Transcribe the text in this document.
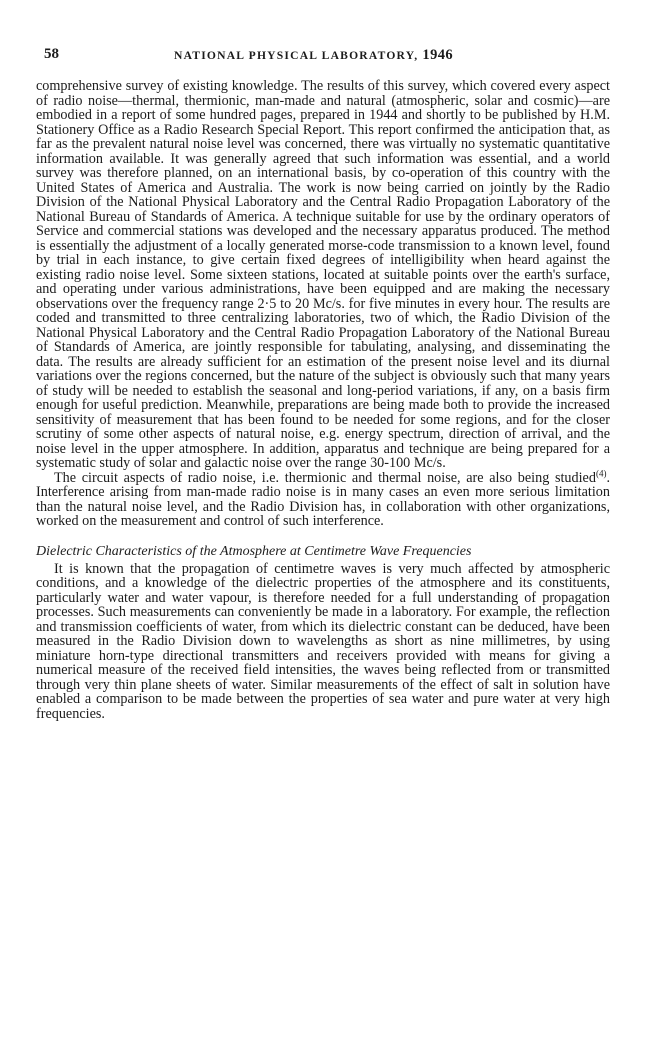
58	NATIONAL PHYSICAL LABORATORY, 1946

comprehensive survey of existing knowledge. The results of this survey, which covered every aspect of radio noise—thermal, thermionic, man-made and natural (atmospheric, solar and cosmic)—are embodied in a report of some hundred pages, prepared in 1944 and shortly to be published by H.M. Stationery Office as a Radio Research Special Report. This report confirmed the anticipation that, as far as the prevalent natural noise level was concerned, there was virtually no systematic quantitative information available. It was generally agreed that such information was essential, and a world survey was therefore planned, on an international basis, by co-operation of this country with the United States of America and Australia. The work is now being carried on jointly by the Radio Division of the National Physical Laboratory and the Central Radio Propagation Laboratory of the National Bureau of Standards of America. A technique suitable for use by the ordinary operators of Service and commercial stations was developed and the necessary apparatus produced. The method is essentially the adjustment of a locally generated morse-code transmission to a known level, found by trial in each instance, to give certain fixed degrees of intelligibility when heard against the existing radio noise level. Some sixteen stations, located at suitable points over the earth's surface, and operating under various administrations, have been equipped and are making the necessary observations over the frequency range 2·5 to 20 Mc/s. for five minutes in every hour. The results are coded and transmitted to three centralizing laboratories, two of which, the Radio Division of the National Physical Laboratory and the Central Radio Propagation Laboratory of the National Bureau of Standards of America, are jointly responsible for tabulating, analysing, and disseminating the data. The results are already sufficient for an estimation of the present noise level and its diurnal variations over the regions concerned, but the nature of the subject is obviously such that many years of study will be needed to establish the seasonal and long-period variations, if any, on a basis firm enough for useful prediction. Meanwhile, preparations are being made both to provide the increased sensitivity of measurement that has been found to be needed for some regions, and for the closer scrutiny of some other aspects of natural noise, e.g. energy spectrum, direction of arrival, and the noise level in the upper atmosphere. In addition, apparatus and technique are being prepared for a systematic study of solar and galactic noise over the range 30-100 Mc/s.

The circuit aspects of radio noise, i.e. thermionic and thermal noise, are also being studied$^{(4)}$. Interference arising from man-made radio noise is in many cases an even more serious limitation than the natural noise level, and the Radio Division has, in collaboration with other organizations, worked on the measurement and control of such interference.

Dielectric Characteristics of the Atmosphere at Centimetre Wave Frequencies

It is known that the propagation of centimetre waves is very much affected by atmospheric conditions, and a knowledge of the dielectric properties of the atmosphere and its constituents, particularly water and water vapour, is therefore needed for a full understanding of propagation processes. Such measurements can conveniently be made in a laboratory. For example, the reflection and transmission coefficients of water, from which its dielectric constant can be deduced, have been measured in the Radio Division down to wavelengths as short as nine millimetres, by using miniature horn-type directional transmitters and receivers provided with means for giving a numerical measure of the received field intensities, the waves being reflected from or transmitted through very thin plane sheets of water. Similar measurements of the effect of salt in solution have enabled a comparison to be made between the properties of sea water and pure water at very high frequencies.
